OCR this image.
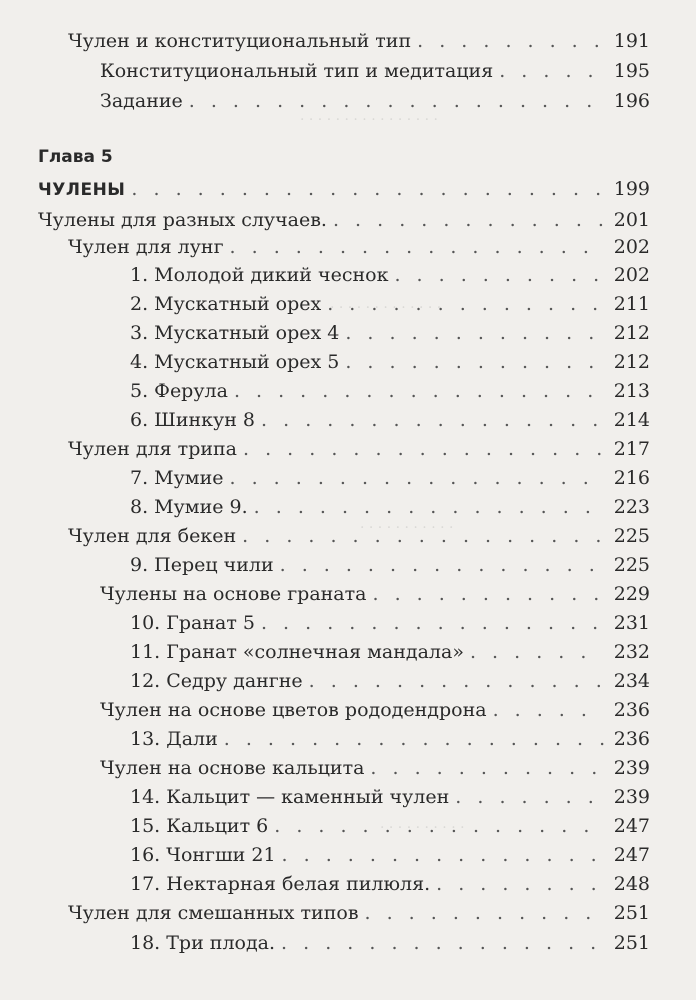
· · · · · · · · · · · · · · · ·
· · · · · · · · · · · · ·
· · · · · · · · · · ·
· · · · · · · · · ·
Чулен и конституциональный тип . . .	191
Конституциональный тип и медитация . . .	195
Задание . . .	196
Глава 5
ЧУЛЕНЫ . . .	199
Чулены для разных случаев. . . .	201
Чулен для лунг . . .	202
1. Молодой дикий чеснок . . .	202
2. Мускатный орех . . .	211
3. Мускатный орех 4 . . .	212
4. Мускатный орех 5 . . .	212
5. Ферула . . .	213
6. Шинкун 8 . . .	214
Чулен для трипа . . .	217
7. Мумие . . .	216
8. Мумие 9. . . .	223
Чулен для бекен . . .	225
9. Перец чили . . .	225
Чулены на основе граната . . .	229
10. Гранат 5 . . .	231
11. Гранат «солнечная мандала» . . .	232
12. Седру дангне . . .	234
Чулен на основе цветов рододендрона . . .	236
13. Дали . . .	236
Чулен на основе кальцита . . .	239
14. Кальцит — каменный чулен . . .	239
15. Кальцит 6 . . .	247
16. Чонгши 21 . . .	247
17. Нектарная белая пилюля. . . .	248
Чулен для смешанных типов . . .	251
18. Три плода. . . .	251
